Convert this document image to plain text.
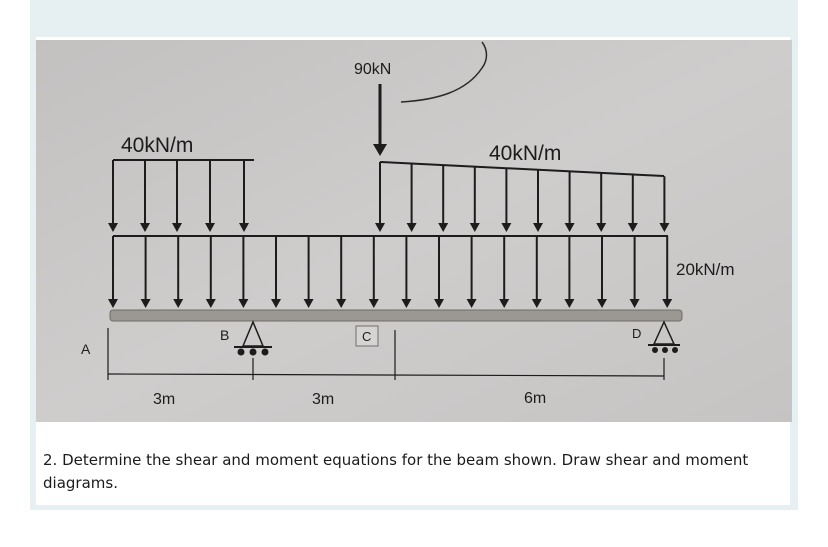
90kN
40kN/m	40kN/m
20kN/m
A
B	C	D
3m	3m	6m
2. Determine the shear and moment equations for the beam shown. Draw shear and moment diagrams.
